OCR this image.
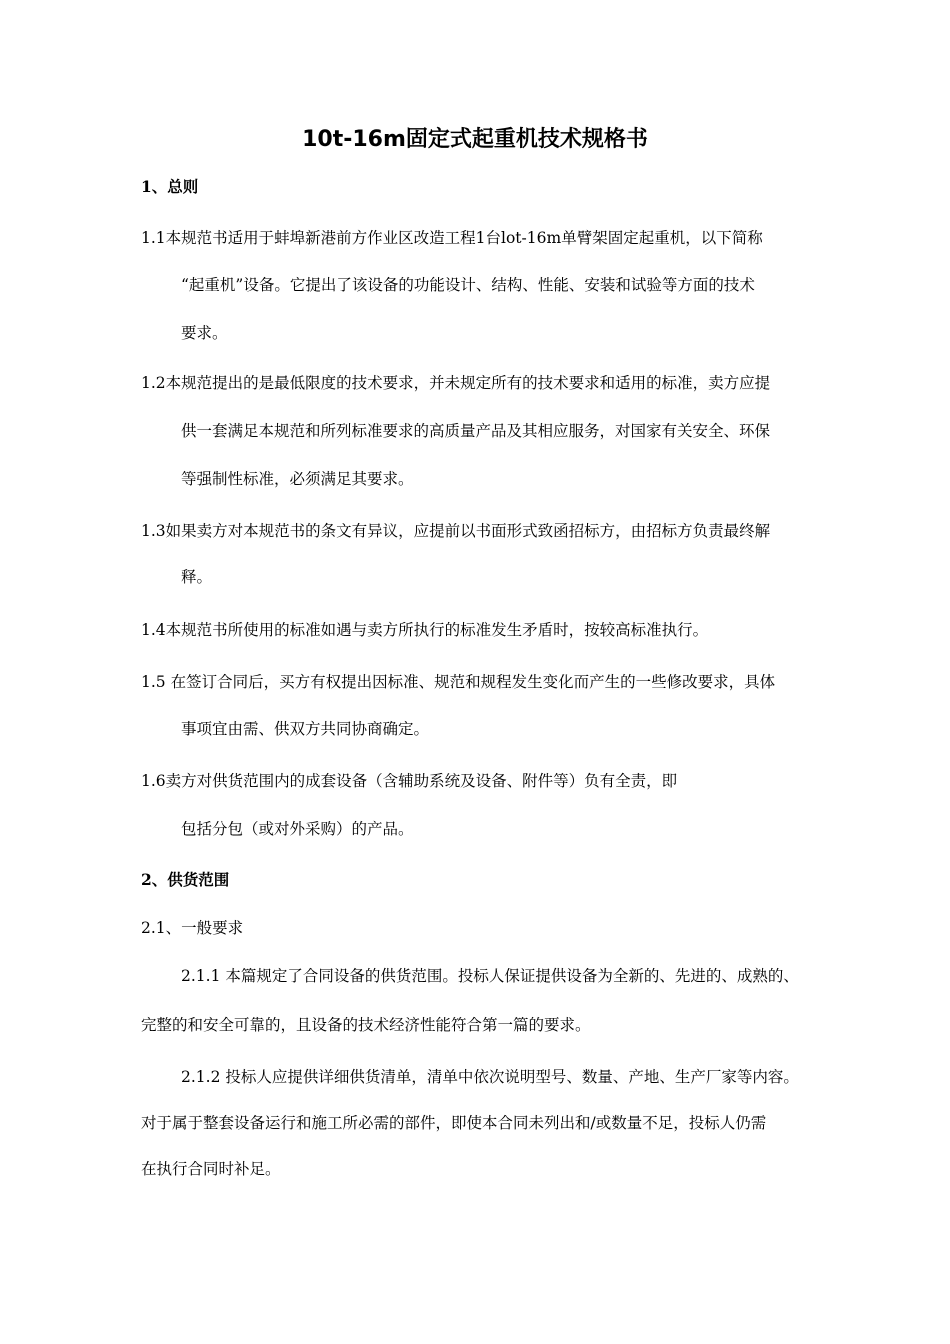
10t-16m固定式起重机技术规格书
1、总则
1.1本规范书适用于蚌埠新港前方作业区改造工程1台lot-16m单臂架固定起重机，以下简称
“起重机”设备。它提出了该设备的功能设计、结构、性能、安装和试验等方面的技术
要求。
1.2本规范提出的是最低限度的技术要求，并未规定所有的技术要求和适用的标准，卖方应提
供一套满足本规范和所列标准要求的高质量产品及其相应服务，对国家有关安全、环保
等强制性标准，必须满足其要求。
1.3如果卖方对本规范书的条文有异议，应提前以书面形式致函招标方，由招标方负责最终解
释。
1.4本规范书所使用的标准如遇与卖方所执行的标准发生矛盾时，按较高标准执行。
1.5 在签订合同后，买方有权提出因标准、规范和规程发生变化而产生的一些修改要求，具体
事项宜由需、供双方共同协商确定。
1.6卖方对供货范围内的成套设备（含辅助系统及设备、附件等）负有全责，即
包括分包（或对外采购）的产品。
2、供货范围
2.1、一般要求
2.1.1 本篇规定了合同设备的供货范围。投标人保证提供设备为全新的、先进的、成熟的、
完整的和安全可靠的，且设备的技术经济性能符合第一篇的要求。
2.1.2 投标人应提供详细供货清单，清单中依次说明型号、数量、产地、生产厂家等内容。
对于属于整套设备运行和施工所必需的部件，即使本合同未列出和/或数量不足，投标人仍需
在执行合同时补足。
